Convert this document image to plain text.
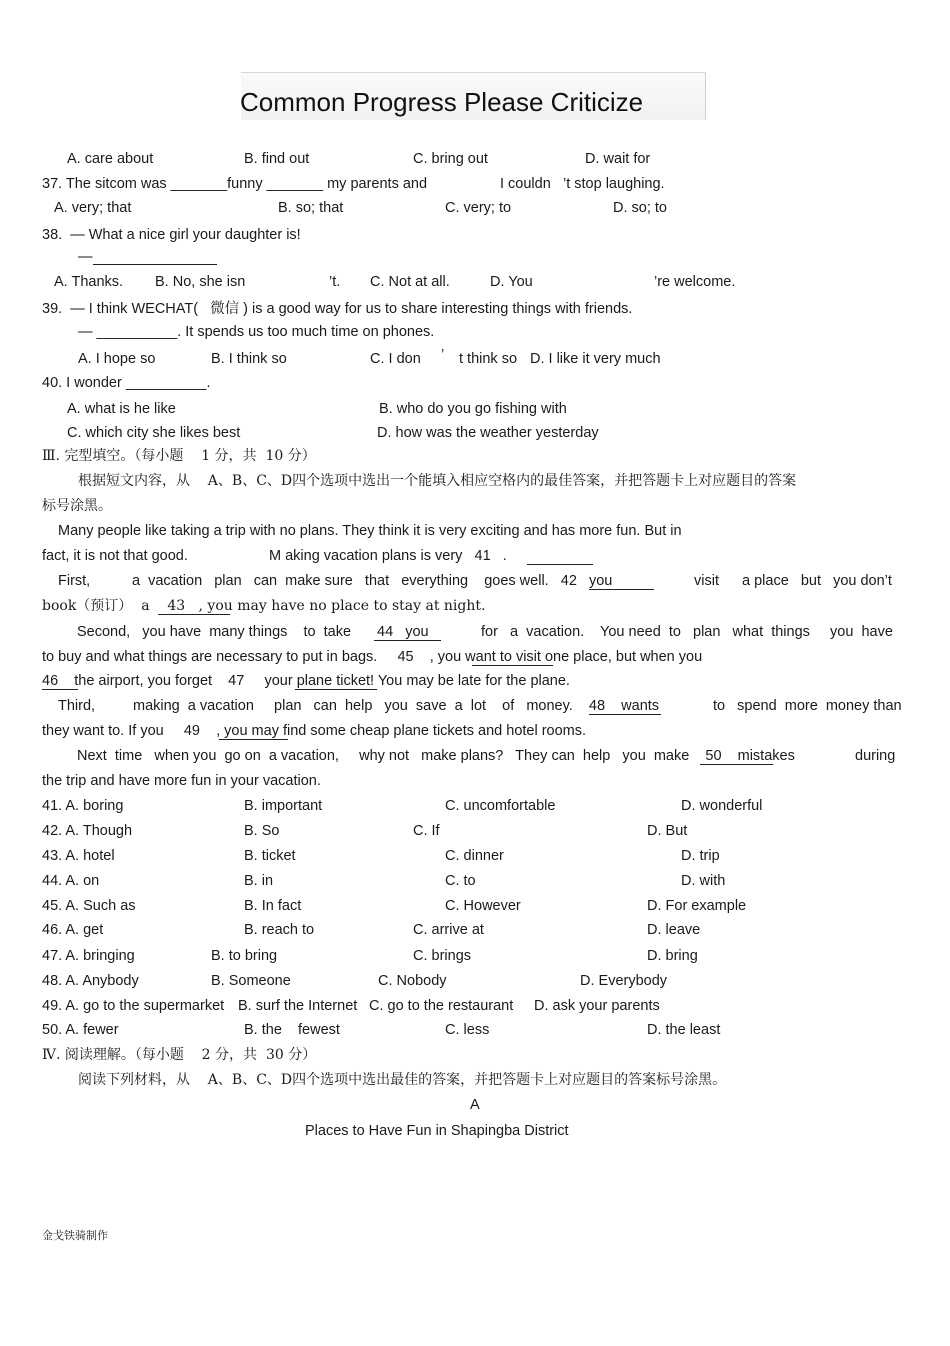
Common Progress Please Criticize
A. care about	B. find out	C. bring out	D. wait for
37. The sitcom was _______funny _______ my parents and	I couldn ’t stop laughing.
A. very; that	B. so; that	C. very; to	D. so; to
38.  — What a nice girl your daughter is!
—
A. Thanks. B. No, she isn	’t. C. Not at all.	D. You	’re welcome.
39.  — I think WECHAT(   微信 ) is a good way for us to share interesting things with friends.
— __________. It spends us too much time on phones.
A. I hope so	B. I think so	C. I don ’ t think so D. I like it very much
40. I wonder __________.
A. what is he like	B. who do you go fishing with
C. which city she likes best	D. how was the weather yesterday
Ⅲ. 完型填空。（每小题    1 分，共  10 分）
根据短文内容，从    A、B、C、D四个选项中选出一个能填入相应空格内的最佳答案，并把答题卡上对应题目的答案
标号涂黑。
Many people like taking a trip with no plans. They think it is very exciting and has more fun. But in
fact, it is not that good.	M aking vacation plans is very   41   .
First,	a  vacation   plan   can  make sure   that   everything    goes well.   42   you	visit a place   but   you don’t
book（预订）  a    43   , you may have no place to stay at night.
Second,   you have  many things    to  take 44   you	for   a  vacation.    You need  to   plan   what  things     you  have
to buy and what things are necessary to put in bags.     45    , you want to visit one place, but when you
46    the airport, you forget    47     your plane ticket! You may be late for the plane.
Third,	making  a vacation     plan   can  help   you  save  a  lot    of   money.    48    wants	to   spend  more  money than
they want to. If you     49    , you may find some cheap plane tickets and hotel rooms.
Next  time   when you  go on  a vacation,     why not   make plans?   They can  help   you  make    50    mistakes	during
the trip and have more fun in your vacation.
41. A. boring	B. important	C. uncomfortable	D. wonderful
42. A. Though	B. So	C. If	D. But
43. A. hotel	B. ticket	C. dinner	D. trip
44. A. on	B. in	C. to	D. with
45. A. Such as	B. In fact	C. However	D. For example
46. A. get	B. reach to	C. arrive at	D. leave
47. A. bringing	B. to bring	C. brings	D. bring
48. A. Anybody	B. Someone	C. Nobody	D. Everybody
49. A. go to the supermarket B. surf the Internet C. go to the restaurant D. ask your parents
50. A. fewer	B. the    fewest	C. less	D. the least
Ⅳ. 阅读理解。（每小题    2 分，共  30 分）
阅读下列材料，从    A、B、C、D四个选项中选出最佳的答案，并把答题卡上对应题目的答案标号涂黑。
A
Places to Have Fun in Shapingba District
金戈铁骑制作
